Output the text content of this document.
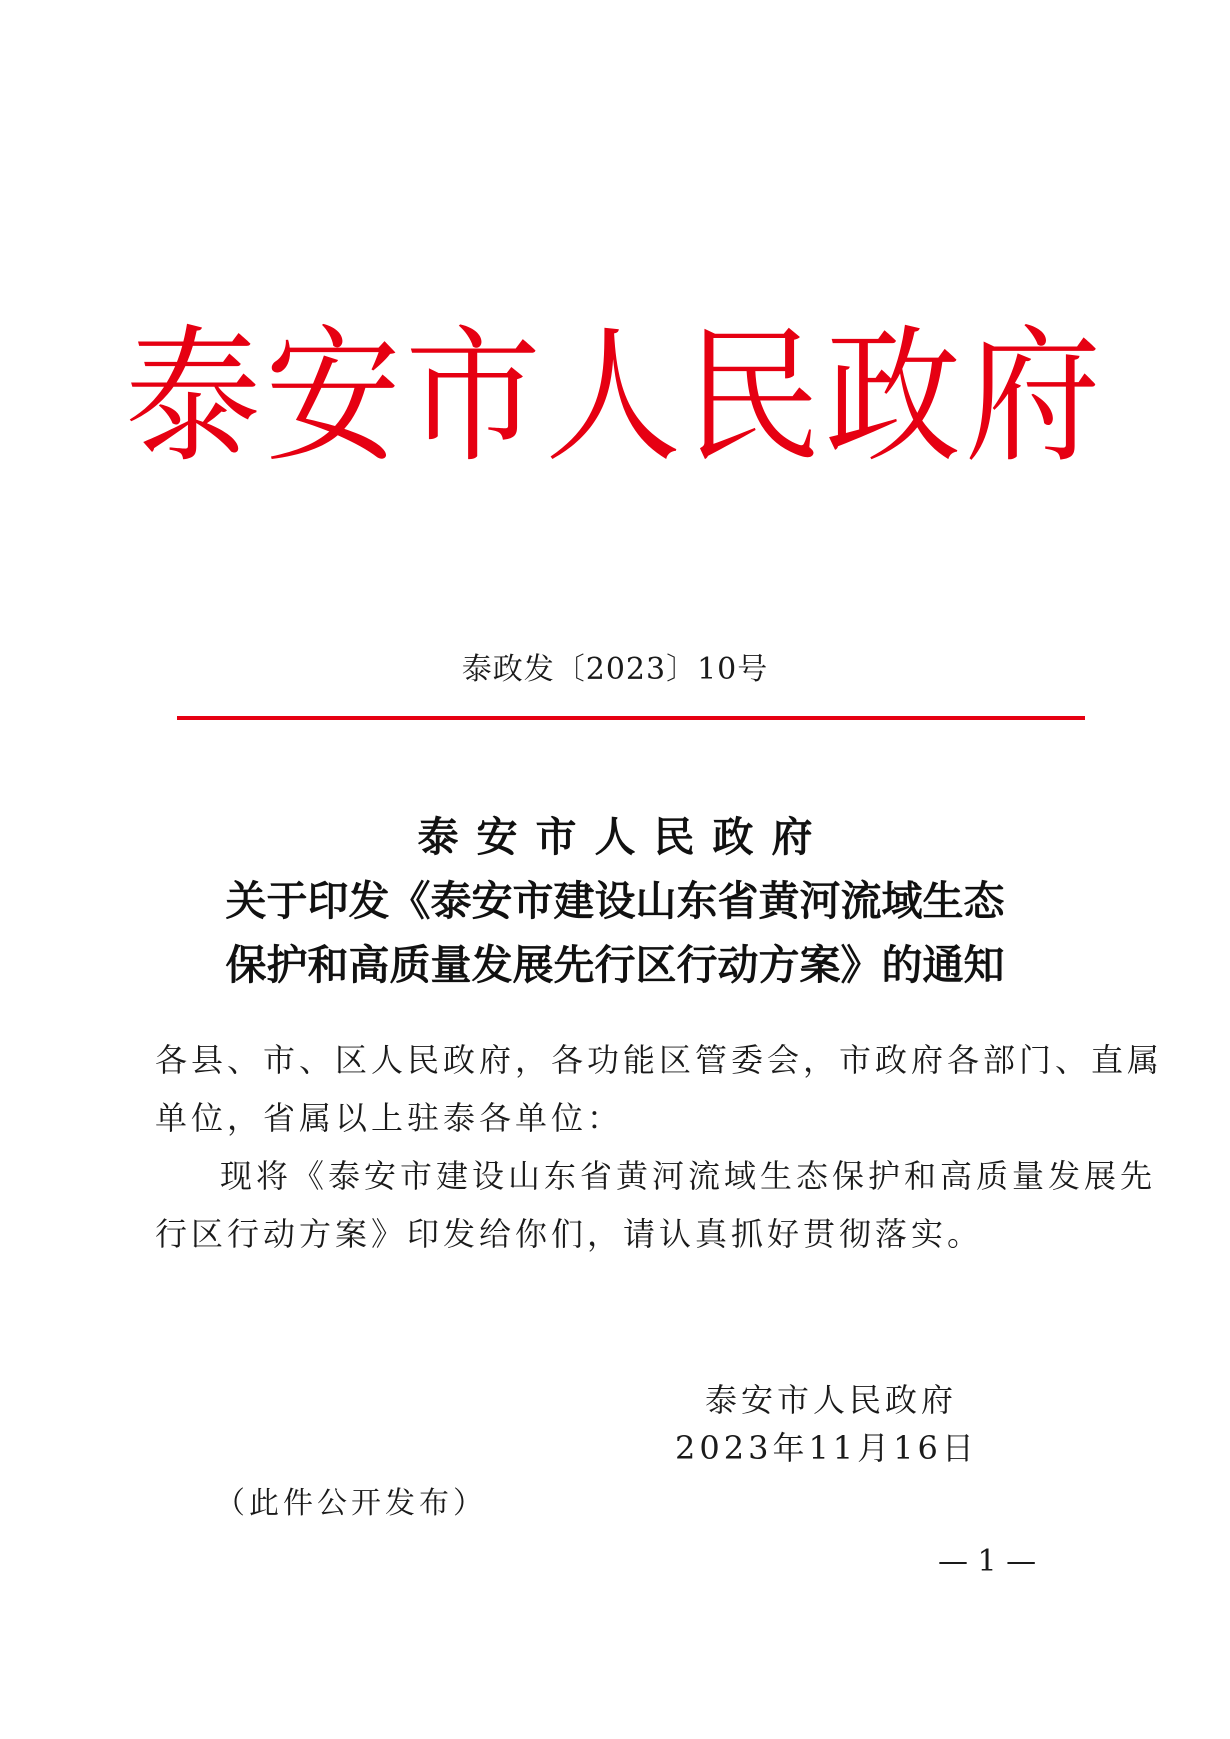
泰安市人民政府
泰政发〔2023〕10号
泰安市人民政府
关于印发《泰安市建设山东省黄河流域生态
保护和高质量发展先行区行动方案》的通知
各县、市、区人民政府，各功能区管委会，市政府各部门、直属
单位，省属以上驻泰各单位：
现将《泰安市建设山东省黄河流域生态保护和高质量发展先
行区行动方案》印发给你们，请认真抓好贯彻落实。
泰安市人民政府
2023年11月16日
（此件公开发布）
— 1 —
